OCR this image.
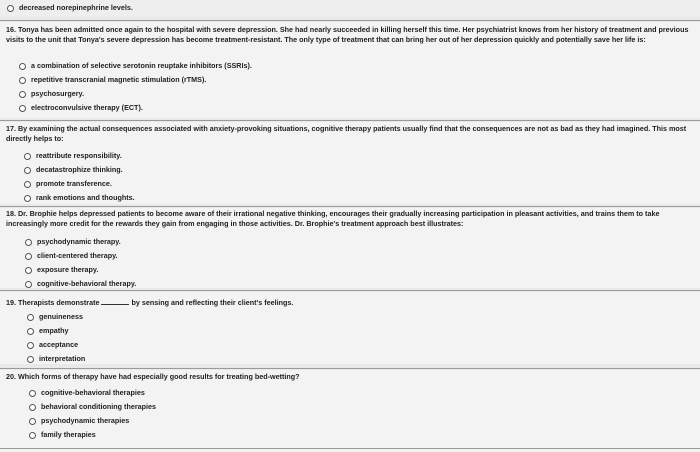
decreased norepinephrine levels.
16. Tonya has been admitted once again to the hospital with severe depression. She had nearly succeeded in killing herself this time. Her psychiatrist knows from her history of treatment and previous visits to the unit that Tonya's severe depression has become treatment-resistant. The only type of treatment that can bring her out of her depression quickly and potentially save her life is:
a combination of selective serotonin reuptake inhibitors (SSRIs).
repetitive transcranial magnetic stimulation (rTMS).
psychosurgery.
electroconvulsive therapy (ECT).
17. By examining the actual consequences associated with anxiety-provoking situations, cognitive therapy patients usually find that the consequences are not as bad as they had imagined. This most directly helps to:
reattribute responsibility.
decatastrophize thinking.
promote transference.
rank emotions and thoughts.
18. Dr. Brophie helps depressed patients to become aware of their irrational negative thinking, encourages their gradually increasing participation in pleasant activities, and trains them to take increasingly more credit for the rewards they gain from engaging in those activities. Dr. Brophie's treatment approach best illustrates:
psychodynamic therapy.
client-centered therapy.
exposure therapy.
cognitive-behavioral therapy.
19. Therapists demonstrate	by sensing and reflecting their client's feelings.
genuineness
empathy
acceptance
interpretation
20. Which forms of therapy have had especially good results for treating bed-wetting?
cognitive-behavioral therapies
behavioral conditioning therapies
psychodynamic therapies
family therapies
